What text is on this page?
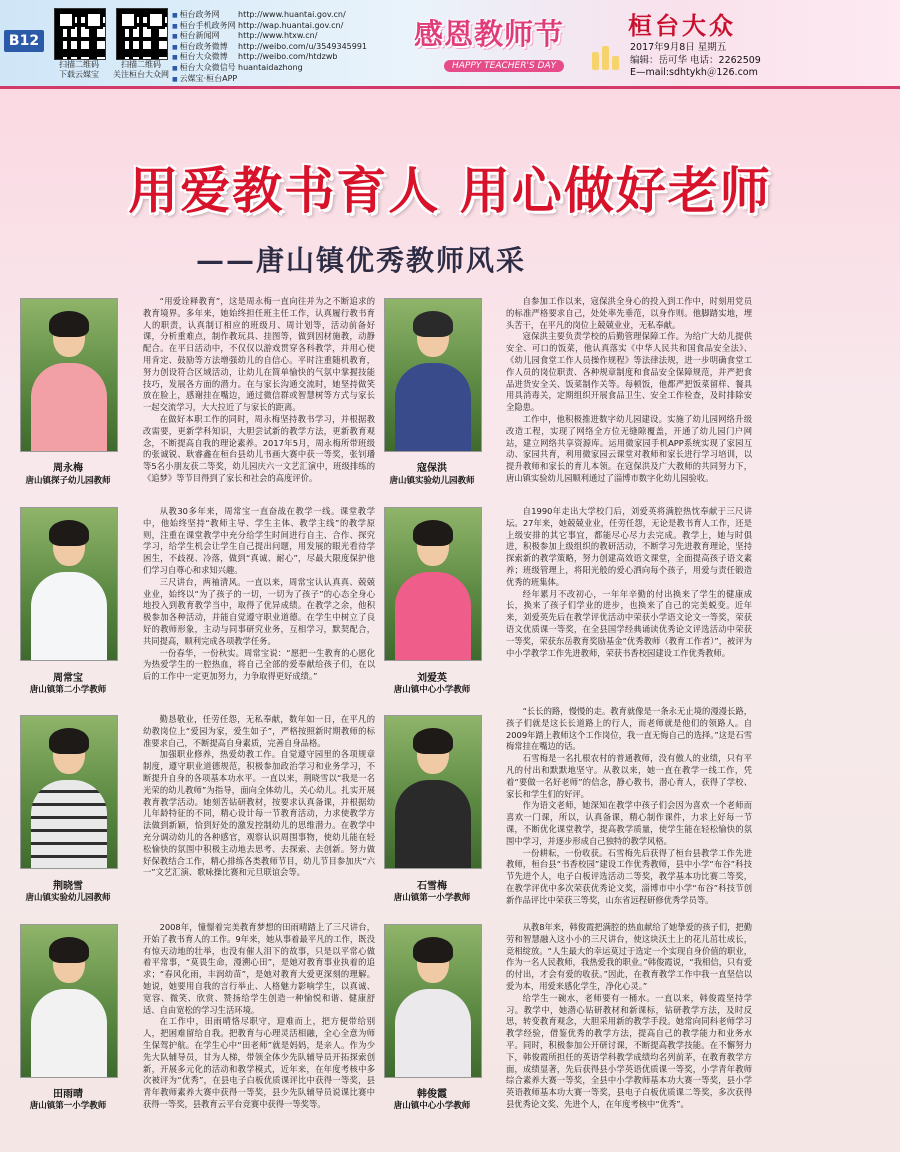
B12
扫描二维码
下载云媒宝
扫描二维码
关注桓台大众网
■ 桓台政务网	http://www.huantai.gov.cn/
■ 桓台手机政务网 http://wap.huantai.gov.cn/
■ 桓台新闻网	http://www.htxw.cn/
■ 桓台政务微博	http://weibo.com/u/3549345991
■ 桓台大众微博	http://weibo.com/htdzwb
■ 桓台大众微信号 huantaidazhong
■ 云媒宝·桓台APP
感恩教师节
HAPPY TEACHER'S DAY
桓台大众
2017年9月8日 星期五
编辑：岳可华 电话：2262509
E—mail:sdhtykh＠126.com
用爱教书育人 用心做好老师
——唐山镇优秀教师风采
周永梅
唐山镇探子幼儿园教师

“用爱诠释教育”，这是周永梅一直向往并为之不断追求的教育境界。多年来，她始终担任班主任工作，认真履行教书育人的职责，认真制订相应的班级月、周计划等，活动前备好课，分析重难点，制作教玩具、挂图等，做到因材施教，动静配合。在平日活动中，不仅仅以游戏贯穿各科教学，并用心使用肯定、鼓励等方法增强幼儿的自信心。平时注重随机教育，努力创设符合区域活动，让幼儿在简单愉快的气氛中掌握技能技巧，发展各方面的潜力。在与家长沟通交流时，她坚持做笑放在脸上，感谢挂在嘴边，通过微信群或智慧树等方式与家长一起交流学习，大大拉近了与家长的距离。

在做好本职工作的同时，周永梅坚持教书学习，并根据教改需要，更新学科知识，大胆尝试新的教学方法，更新教育观念，不断提高自我的理论素养。2017年5月，周永梅所带班级的张诚锐、耿睿鑫在桓台县幼儿书画大赛中获一等奖，张钊璠等5名小朋友获二等奖，幼儿园庆六一文艺汇演中，班级排练的《追梦》等节目得到了家长和社会的高度评价。

寇保洪
唐山镇实验幼儿园教师

自参加工作以来，寇保洪全身心的投入到工作中，时刻用党员的标准严格要求自己，处处率先垂范，以身作则。他脚踏实地，埋头苦干，在平凡的岗位上兢兢业业，无私奉献。

寇保洪主要负责学校的后勤管理保障工作。为给广大幼儿提供安全、可口的饭菜，他认真落实《中华人民共和国食品安全法》、《幼儿园食堂工作人员操作规程》等法律法规，进一步明确食堂工作人员的岗位职责、各种规章制度和食品安全保障规范，并严把食品进货安全关、饭菜制作关等。每顿饭，他都严把饭菜留样、餐具用具消毒关，定期组织开展食品卫生、安全工作检查，及时排除安全隐患。

工作中，他积极推进数字幼儿园建设。实施了幼儿园网络升级改造工程，实现了网络全方位无缝隙覆盖，开通了幼儿园门户网站，建立网络共享资源库。运用微家园手机APP系统实现了家园互动、家园共育，利用微家园云课堂对教师和家长进行学习培训，以提升教师和家长的育儿本领。在寇保洪及广大教师的共同努力下，唐山镇实验幼儿园顺利通过了淄博市数字化幼儿园验收。

周常宝
唐山镇第二小学教师

从教30多年来，周常宝一直奋战在教学一线。课堂教学中，他始终坚持“教师主导、学生主体、教学主线”的教学原则，注重在课堂教学中充分给学生时间进行自主、合作、探究学习，给学生机会让学生自己提出问题，用发展的眼光看待学困生，不歧视、冷落，做到“真诚、耐心”，尽最大限度保护他们学习自尊心和求知兴趣。

三尺讲台，两袖清风。一直以来，周常宝认认真真、兢兢业业，始终以“为了孩子的一切，一切为了孩子”的心态全身心地投入到教育教学当中，取得了优异成绩。在教学之余，他积极参加各种活动，并能自觉遵守职业道德。在学生中树立了良好的教师形象，主动与同事研究业务，互相学习，默契配合，共同提高，顺利完成各项教学任务。

一份春华，一份秋实。周常宝说：“愿把一生教育的心愿化为热爱学生的一腔热血，将自己全部的爱奉献给孩子们，在以后的工作中一定更加努力，力争取得更好成绩。”	刘爱英
唐山镇中心小学教师

自1990年走出大学校门后，刘爱英将满腔热忱奉献于三尺讲坛。27年来，她兢兢业业，任劳任怨，无论是教书育人工作，还是上级安排的其它事宜，都能尽心尽力去完成。教学上，她与时俱进，积极参加上级组织的教研活动，不断学习先进教育理论，坚持探索新的教学策略，努力创建高效语文课堂，全面提高孩子语文素养；班级管理上，将阳光般的爱心洒向每个孩子，用爱与责任锻造优秀的班集体。

经年累月不改初心，一年年辛勤的付出换来了学生的健康成长，换来了孩子们学业的进步，也换来了自己的完美蜕变。近年来，刘爱英先后在教学评优活动中荣获小学语文论文一等奖，荣获语文优质课一等奖，在全县国学经典诵读优秀论文评选活动中荣获一等奖，荣获东岳教育奖励基金“优秀教师（教育工作者）”，被评为中小学教学工作先进教师，荣获书香校园建设工作优秀教师。

荆晓雪
唐山镇实验幼儿园教师

勤恳敬业，任劳任怨，无私奉献，数年如一日，在平凡的幼教岗位上“爱园为家，爱生如子”，严格按照新时期教师的标准要求自己，不断提高自身素质，完善自身品格。

加强职业修养，热爱幼教工作。自觉遵守园里的各项规章制度，遵守职业道德规范，积极参加政治学习和业务学习，不断提升自身的各项基本功水平。一直以来，荆晓雪以“我是一名光荣的幼儿教师”为指导，面向全体幼儿，关心幼儿。扎实开展教育教学活动。她刻苦钻研教材，按要求认真备课，并根据幼儿年龄特征的不同，精心设计每一节教育活动，力求使教学方法做到新颖，恰到好处的激发控制幼儿的思维潜力。在教学中充分调动幼儿的各种感官，观察认识周围事物，使幼儿能在轻松愉快的氛围中积极主动地去思考、去探索、去创新。努力做好保教结合工作，精心排练各类教师节目，幼儿节目参加庆“六一”文艺汇演、歌咏操比赛和元旦联谊会等。

石雪梅
唐山镇第一小学教师

“长长的路，慢慢的走。教育就像是一条永无止境的漫漫长路，孩子们就是这长长道路上的行人，而老师就是他们的领路人。自2009年踏上教师这个工作岗位，我一直无悔自己的选择。”这是石雪梅常挂在嘴边的话。

石雪梅是一名扎根农村的普通教师，没有傲人的业绩，只有平凡的付出和默默地坚守。从教以来，她一直在教学一线工作，凭着“要做一名好老师”的信念，静心教书，潜心育人，获得了学校、家长和学生们的好评。

作为语文老师，她深知在教学中孩子们会因为喜欢一个老师而喜欢一门课，所以，认真备课，精心制作课件，力求上好每一节课，不断优化课堂教学，提高教学质量，使学生能在轻松愉快的氛围中学习，并逐步形成自己独特的教学风格。

一份耕耘，一份收获。石雪梅先后获得了桓台县教学工作先进教师，桓台县“书香校园”建设工作优秀教师，县中小学“布谷”科技节先进个人，电子白板评选活动二等奖，教学基本功比赛二等奖，在教学评优中多次荣获优秀论文奖，淄博市中小学“布谷”科技节创新作品评比中荣获三等奖，山东省远程研修优秀学员等。

田雨晴
唐山镇第一小学教师

2008年，憧憬着完美教育梦想的田雨晴踏上了三尺讲台，开始了教书育人的工作。9年来，她从事着最平凡的工作，既没有惊天动地的壮举，也没有催人泪下的故事，只是以平常心做着平常事，“莫畏生命，漫溯心田”，是她对教育事业执着的追求；“春风化雨，丰润幼苗”，是她对教育大爱更深刻的理解。她说，她要用自我的言行举止、人格魅力影响学生，以真诚、宽容、微笑、欣赏、赞扬给学生创造一种愉悦和谐、健康舒适、自由宽松的学习生活环境。

在工作中，田雨晴恪尽职守，迎难而上，把方便带给别人，把困难留给自我。把教育与心理灵活相融，全心全意为师生保驾护航。在学生心中“田老师”就是妈妈，是亲人。作为少先大队辅导员，甘为人梯，带领全体少先队辅导员开拓探索创新，开展多元化的活动和教学模式，近年来，在年度考核中多次被评为“优秀”，在县电子白板优质课评比中获得一等奖，县青年教师素养大赛中获得一等奖，县少先队辅导员说课比赛中获得一等奖，县教育云平台竞赛中获得一等奖等。

韩俊霞
唐山镇中心小学教师

从教8年来，韩俊霞把满腔的热血献给了她挚爱的孩子们，把勤劳和智慧融入这小小的三尺讲台，使这块沃土上的花儿茁壮成长，竞相绽放。“人生最大的幸运莫过于选定一个实现自身价值的职业，作为一名人民教师，我热爱我的职业。”韩俊霞说，“我相信，只有爱的付出，才会有爱的收获。”因此，在教育教学工作中我一直坚信以爱为本，用爱来感化学生，净化心灵。”

给学生一碗水，老师要有一桶水。一直以来，韩俊霞坚持学习。教学中，她潜心钻研教材和新课标，钻研教学方法，及时反思，转变教育观念，大胆采用新的教学手段。她常向同科老师学习教学经验，借鉴优秀的教学方法，提高自己的教学能力和业务水平。同时，积极参加公开研讨课，不断提高教学技能。在不懈努力下，韩俊霞所担任的英语学科教学成绩均名列前茅，在教育教学方面，成绩显著，先后获得县小学英语优质课一等奖，小学青年教师综合素养大赛一等奖，全县中小学教师基本功大赛一等奖，县小学英语教师基本功大赛一等奖，县电子白板优质课二等奖，多次获得县优秀论文奖、先进个人，在年度考核中“优秀”。
